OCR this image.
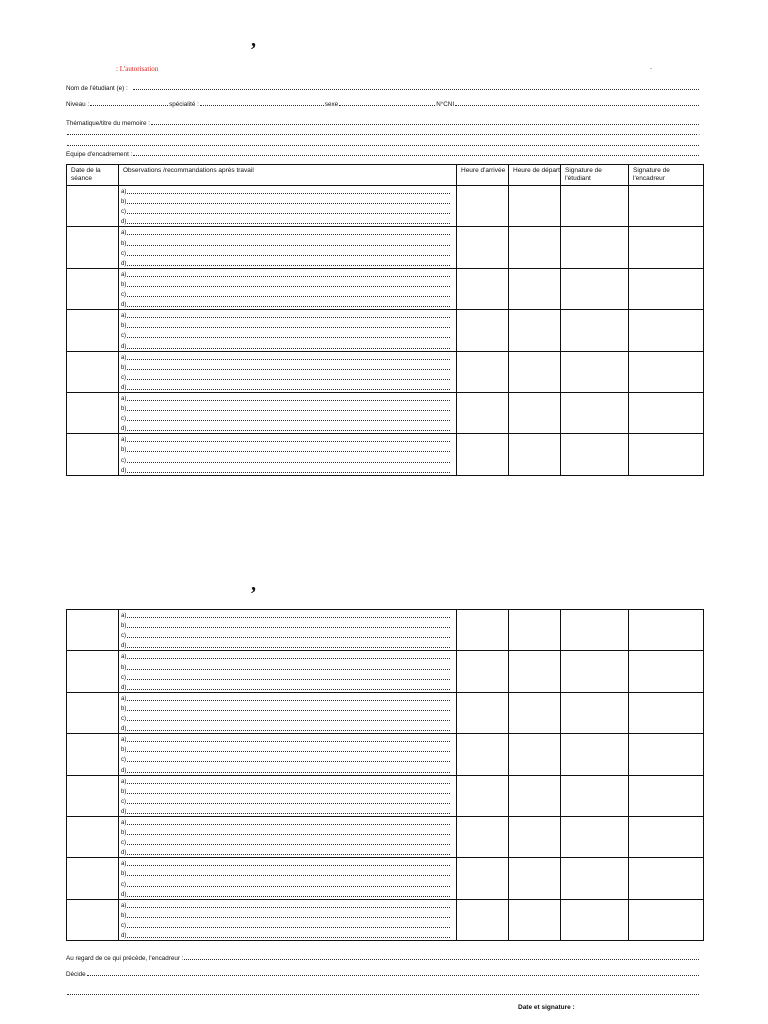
,
: L'autorisation	.
Nom de l'étudiant (e) :
Niveau :	spécialité :	sexe	N°CNI
Thématique/titre du memoire :
.
Equipe d'encadrement :
Date de la séance	Observations /recommandations après travail	Heure d'arrivée	Heure de départ	Signature de l'étudiant	Signature de l'encadreur

	a)
b)
c)
d)				

	a)
b)
c)
d)				

	a)
b)
c)
d)				

	a)
b)
c)
d)				

	a)
b)
c)
d)				

	a)
b)
c)
d)				

	a)
b)
c)
d)				

,

	a)
b)
c)
d)				

	a)
b)
c)
d)				

	a)
b)
c)
d)				

	a)
b)
c)
d)				

	a)
b)
c)
d)				

	a)
b)
c)
d)				

	a)
b)
c)
d)				

	a)
b)
c)
d)				

Au regard de ce qui précède, l'encadreur :
Décide
Date et signature :
